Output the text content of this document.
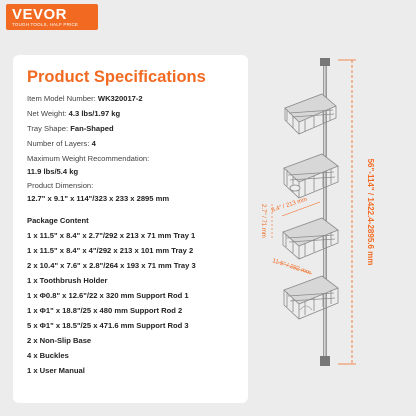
VEVOR
TOUGH TOOLS, HALF PRICE
Product Specifications
Item Model Number: WK320017-2
Net Weight: 4.3 lbs/1.97 kg
Tray Shape: Fan-Shaped
Number of Layers: 4
Maximum Weight Recommendation:
11.9 lbs/5.4 kg
Product Dimension:
12.7" x 9.1" x 114"/323 x 233 x 2895 mm
Package Content
1 x 11.5" x 8.4" x 2.7"/292 x 213 x 71 mm Tray 1
1 x 11.5" x 8.4" x 4"/292 x 213 x 101 mm Tray 2
2 x 10.4" x 7.6" x 2.8"/264 x 193 x 71 mm Tray 3
1 x Toothbrush Holder
1 x Φ0.8" x 12.6"/22 x 320 mm Support Rod 1
1 x Φ1" x 18.8"/25 x 480 mm Support Rod 2
5 x Φ1" x 18.5"/25 x 471.6 mm Support Rod 3
2 x Non-Slip Base
4 x Buckles
1 x User Manual
56"-114" / 1422.4-2895.6 mm
8.4" / 213 mm
2.7" / 71 mm
11.5" / 292 mm
